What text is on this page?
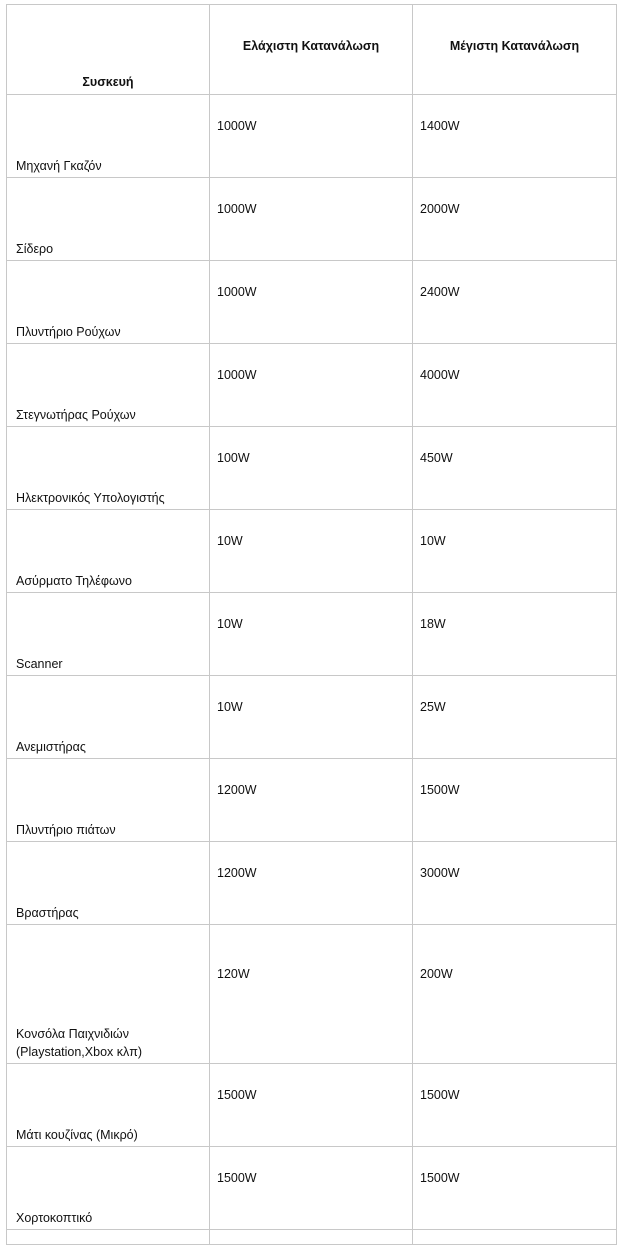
Συσκευή	Ελάχιστη Κατανάλωση	Μέγιστη Κατανάλωση
Μηχανή Γκαζόν	1000W	1400W
Σίδερο	1000W	2000W
Πλυντήριο Ρούχων	1000W	2400W
Στεγνωτήρας Ρούχων	1000W	4000W
Ηλεκτρονικός Υπολογιστής	100W	450W
Ασύρματο Τηλέφωνο	10W	10W
Scanner	10W	18W
Ανεμιστήρας	10W	25W
Πλυντήριο πιάτων	1200W	1500W
Βραστήρας	1200W	3000W
Κονσόλα Παιχνιδιών (Playstation,Xbox κλπ)	120W	200W
Μάτι κουζίνας (Μικρό)	1500W	1500W
Χορτοκοπτικό	1500W	1500W
